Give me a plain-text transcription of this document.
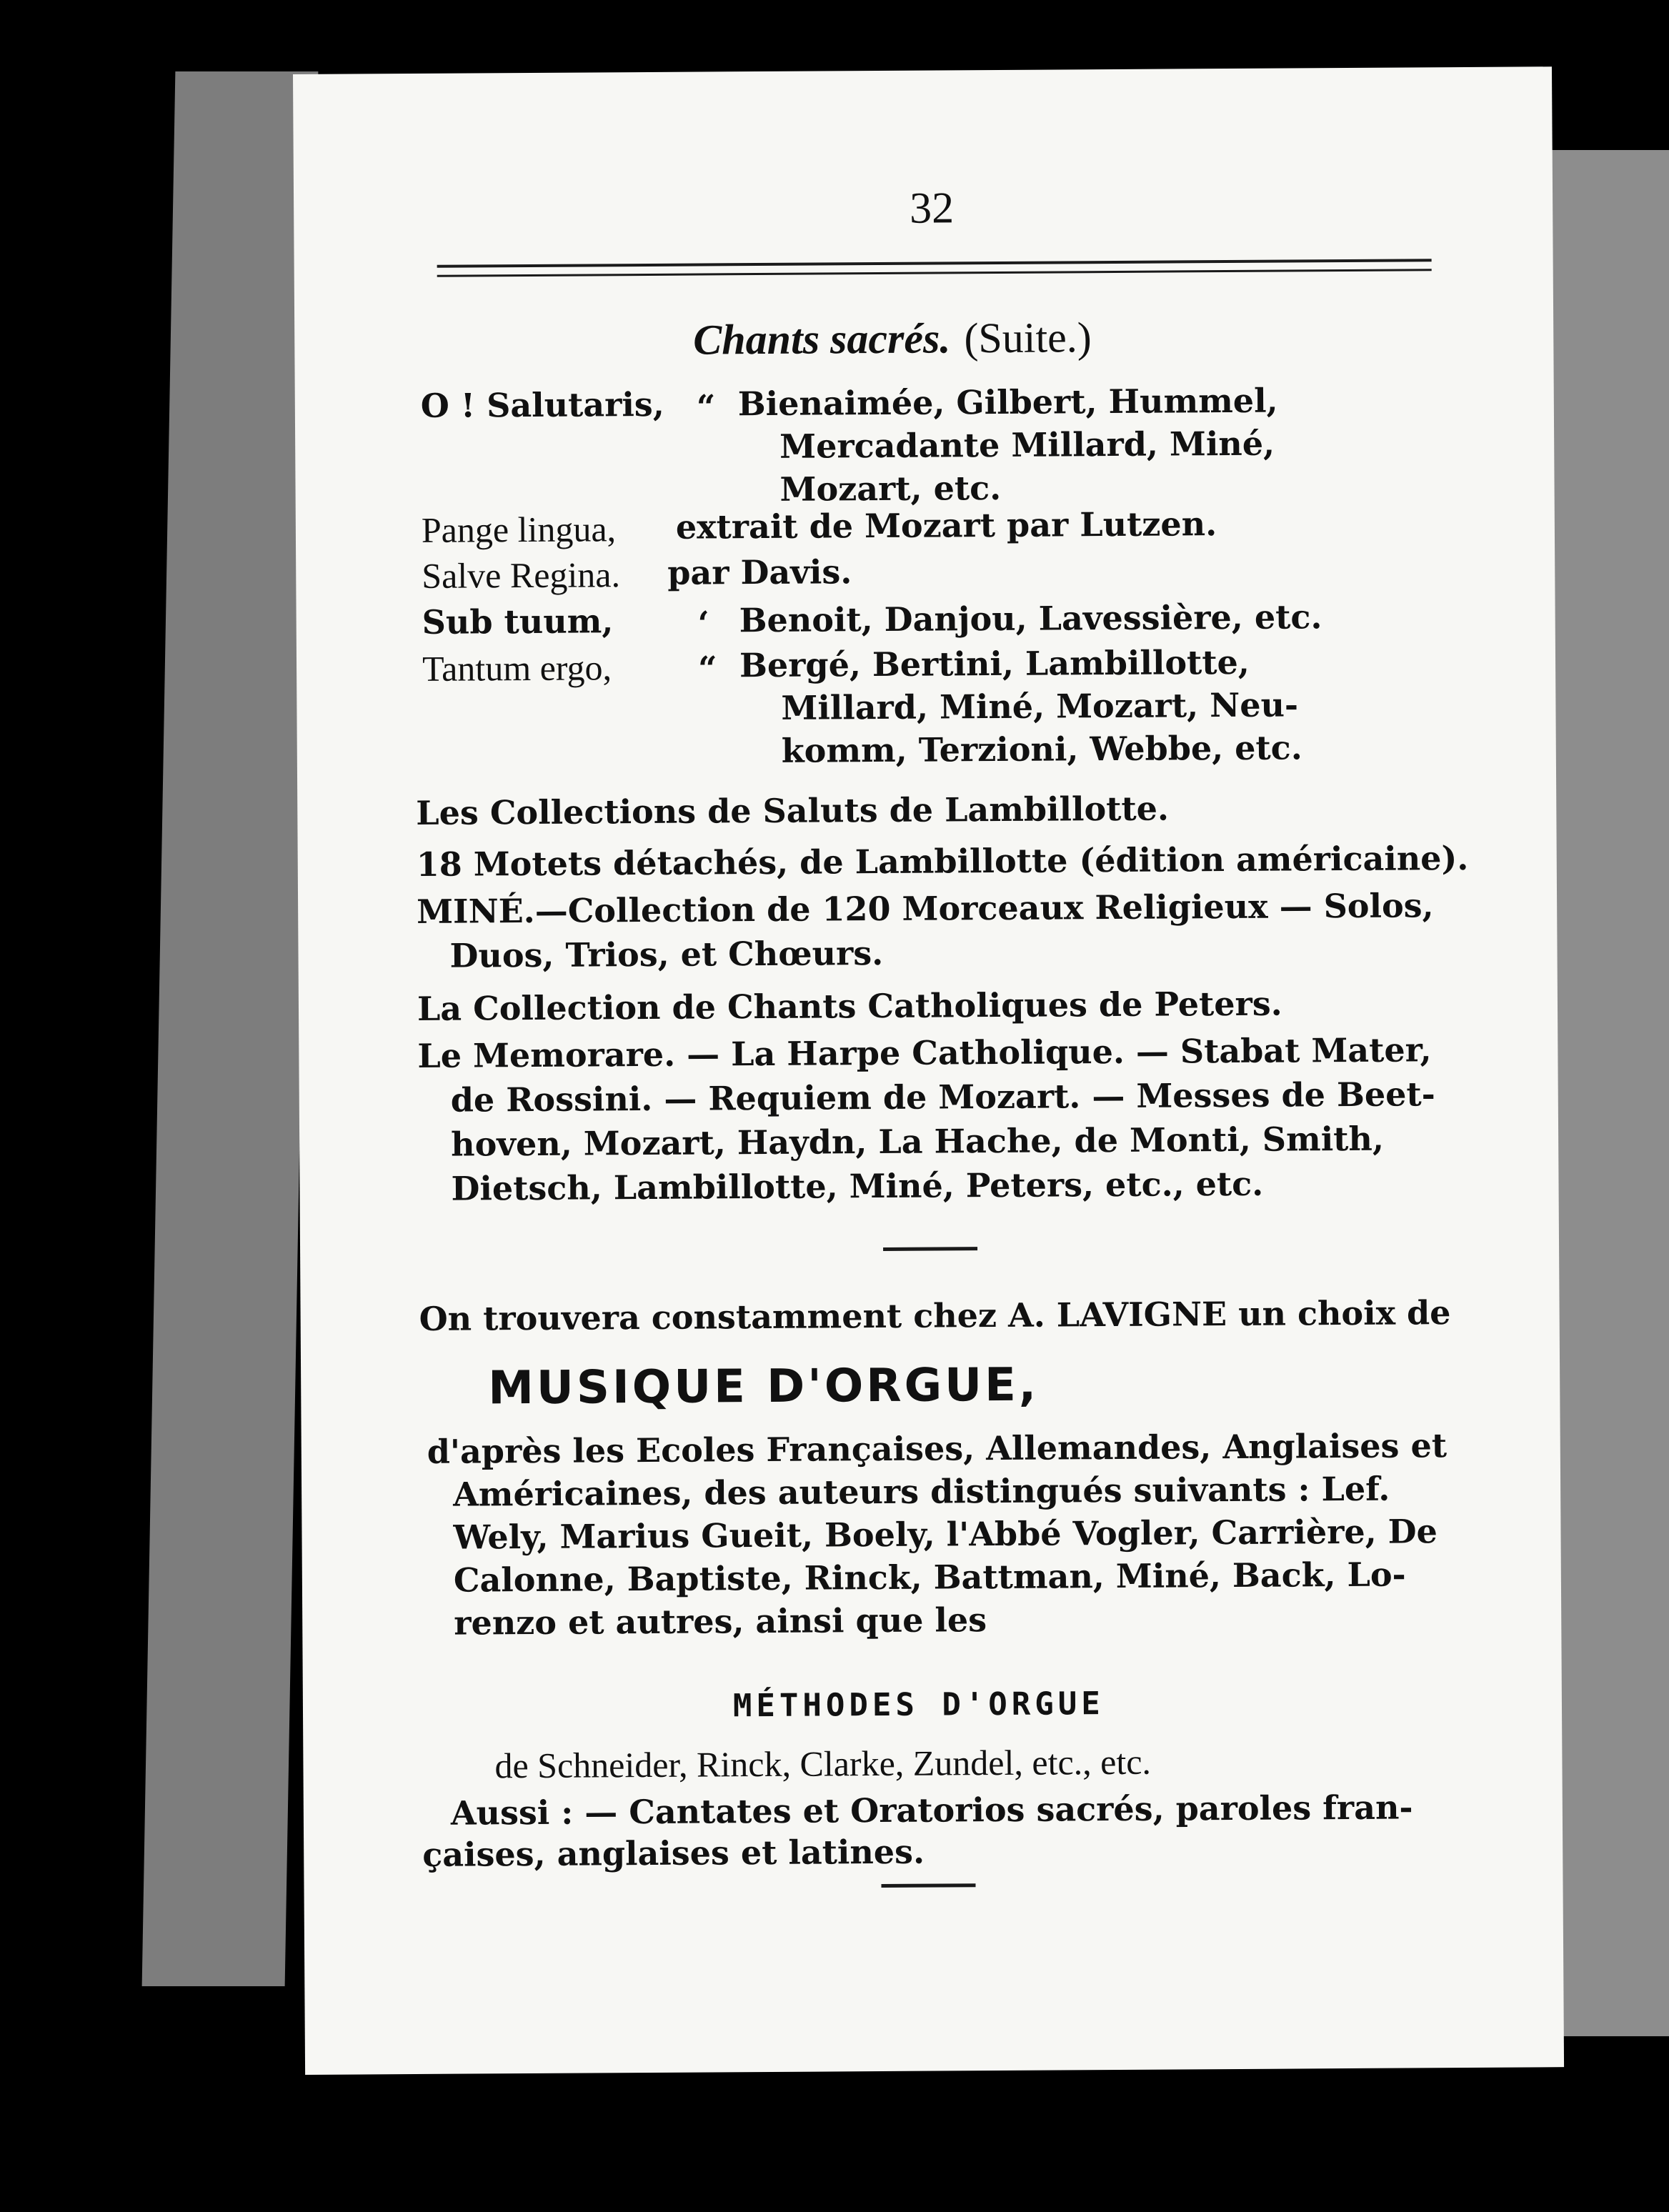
32
Chants sacrés. (Suite.)
O ! Salutaris, “ Bienaimée, Gilbert, Hummel,
Mercadante Millard, Miné,
Mozart, etc.
Pange lingua, extrait de Mozart par Lutzen.
Salve Regina. par Davis.
Sub tuum,	‘ Benoit, Danjou, Lavessière, etc.
Tantum ergo,	“ Bergé, Bertini, Lambillotte,
Millard, Miné, Mozart, Neu-
komm, Terzioni, Webbe, etc.
Les Collections de Saluts de Lambillotte.
18 Motets détachés, de Lambillotte (édition américaine).
MINÉ.—Collection de 120 Morceaux Religieux — Solos,
Duos, Trios, et Chœurs.
La Collection de Chants Catholiques de Peters.
Le Memorare. — La Harpe Catholique. — Stabat Mater,
de Rossini. — Requiem de Mozart. — Messes de Beet-
hoven, Mozart, Haydn, La Hache, de Monti, Smith,
Dietsch, Lambillotte, Miné, Peters, etc., etc.
On trouvera constamment chez A. LAVIGNE un choix de
MUSIQUE D'ORGUE,
d'après les Ecoles Françaises, Allemandes, Anglaises et
Américaines, des auteurs distingués suivants : Lef.
Wely, Marius Gueit, Boely, l'Abbé Vogler, Carrière, De
Calonne, Baptiste, Rinck, Battman, Miné, Back, Lo-
renzo et autres, ainsi que les
MÉTHODES D'ORGUE
de Schneider, Rinck, Clarke, Zundel, etc., etc.
Aussi : — Cantates et Oratorios sacrés, paroles fran-
çaises, anglaises et latines.
